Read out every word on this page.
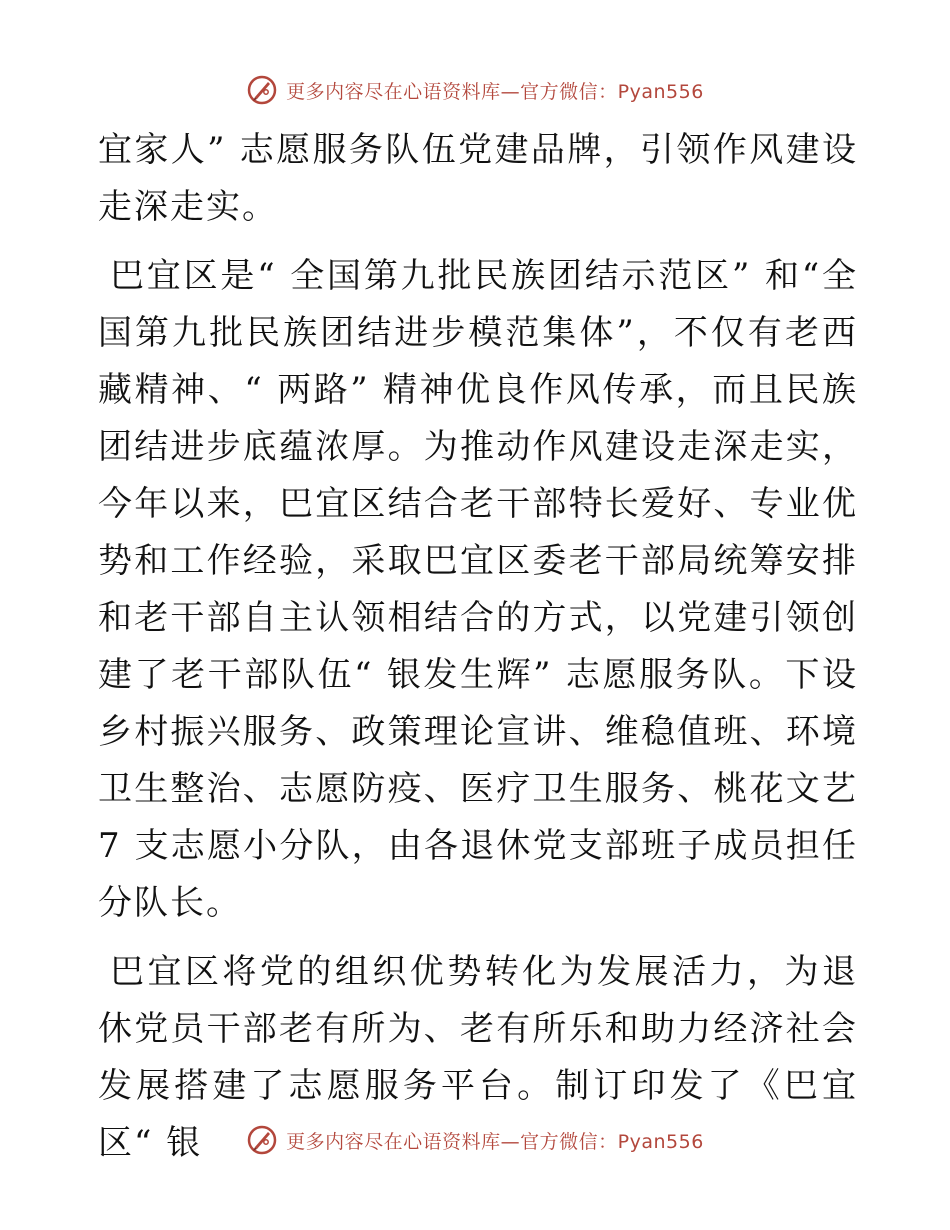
更多内容尽在心语资料库—官方微信：Pyan556

宜家人” 志愿服务队伍党建品牌，引领作风建设走深走实。

巴宜区是“ 全国第九批民族团结示范区” 和“全国第九批民族团结进步模范集体”，不仅有老西藏精神、“ 两路” 精神优良作风传承，而且民族团结进步底蕴浓厚。为推动作风建设走深走实，今年以来，巴宜区结合老干部特长爱好、专业优势和工作经验，采取巴宜区委老干部局统筹安排和老干部自主认领相结合的方式，以党建引领创建了老干部队伍“ 银发生辉” 志愿服务队。下设乡村振兴服务、政策理论宣讲、维稳值班、环境卫生整治、志愿防疫、医疗卫生服务、桃花文艺 7 支志愿小分队，由各退休党支部班子成员担任分队长。

巴宜区将党的组织优势转化为发展活力，为退休党员干部老有所为、老有所乐和助力经济社会发展搭建了志愿服务平台。制订印发了《巴宜区“ 银	更多内容尽在心语资料库—官方微信：Pyan556
